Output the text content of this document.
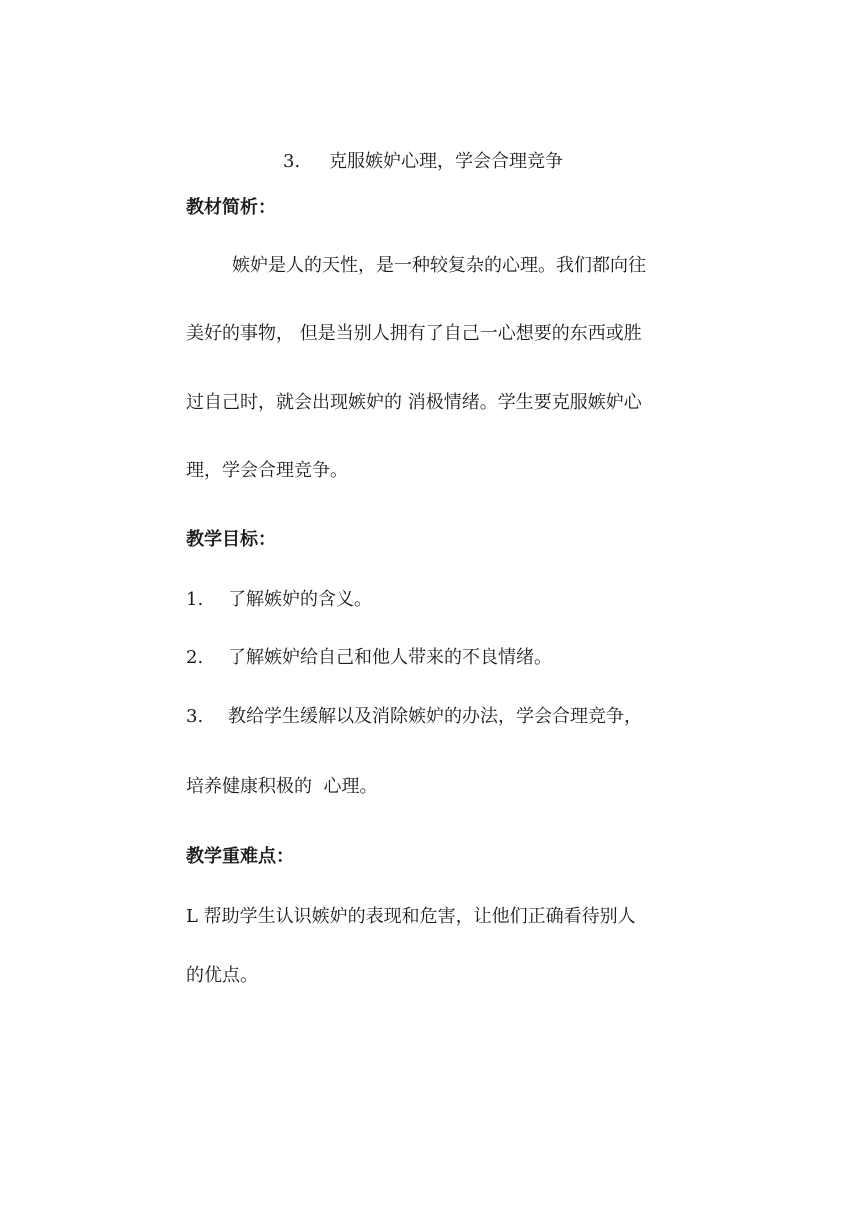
3. 克服嫉妒心理，学会合理竞争
教材简析：
嫉妒是人的天性，是一种较复杂的心理。我们都向往
美好的事物， 但是当别人拥有了自己一心想要的东西或胜
过自己时，就会出现嫉妒的 消极情绪。学生要克服嫉妒心
理，学会合理竞争。
教学目标：
1. 了解嫉妒的含义。
2. 了解嫉妒给自己和他人带来的不良情绪。
3. 教给学生缓解以及消除嫉妒的办法，学会合理竞争，
培养健康积极的  心理。
教学重难点：
L 帮助学生认识嫉妒的表现和危害，让他们正确看待别人
的优点。
